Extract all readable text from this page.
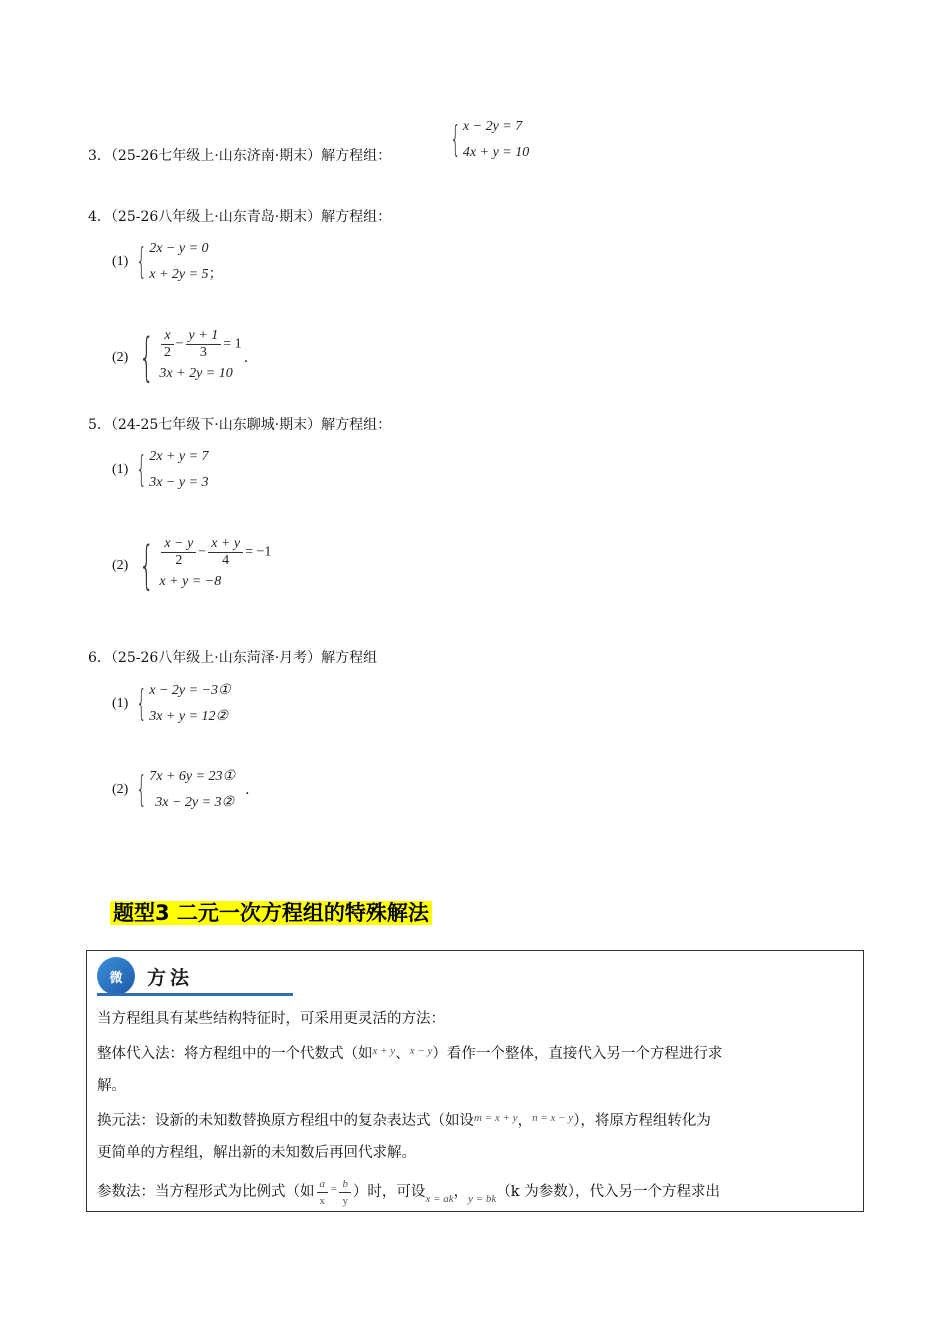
3．（25-26七年级上·山东济南·期末）解方程组： { x − 2y = 7
4x + y = 10
4．（25-26八年级上·山东青岛·期末）解方程组：
(1) { 2x − y = 0
x + 2y = 5；
(2) { $\frac{x}{2} - \frac{y + 1}{3} = 1$
3x + 2y = 10
.
5．（24-25七年级下·山东聊城·期末）解方程组：
(1) { 2x + y = 7
3x − y = 3
(2) { $\frac{x - y}{2} - \frac{x + y}{4} = -1$
x + y = −8
6．（25-26八年级上·山东菏泽·月考）解方程组
(1) { x − 2y = −3①
3x + y = 12②
(2) { 7x + 6y = 23①
3x − 2y = 3②
.
题型3 二元一次方程组的特殊解法
微 方法

当方程组具有某些结构特征时，可采用更灵活的方法：

整体代入法：将方程组中的一个代数式（如$^{x + y}$、$^{x - y}$）看作一个整体，直接代入另一个方程进行求

解。

换元法：设新的未知数替换原方程组中的复杂表达式（如设$^{m = x + y}$，$^{n = x - y}$），将原方程组转化为

更简单的方程组，解出新的未知数后再回代求解。

参数法：当方程形式为比例式（如 $\frac{a}{x} ^= \frac{b}{y}$ ）时，可设$_{x = ak}$，$_{y = bk}$（k 为参数），代入另一个方程求出
